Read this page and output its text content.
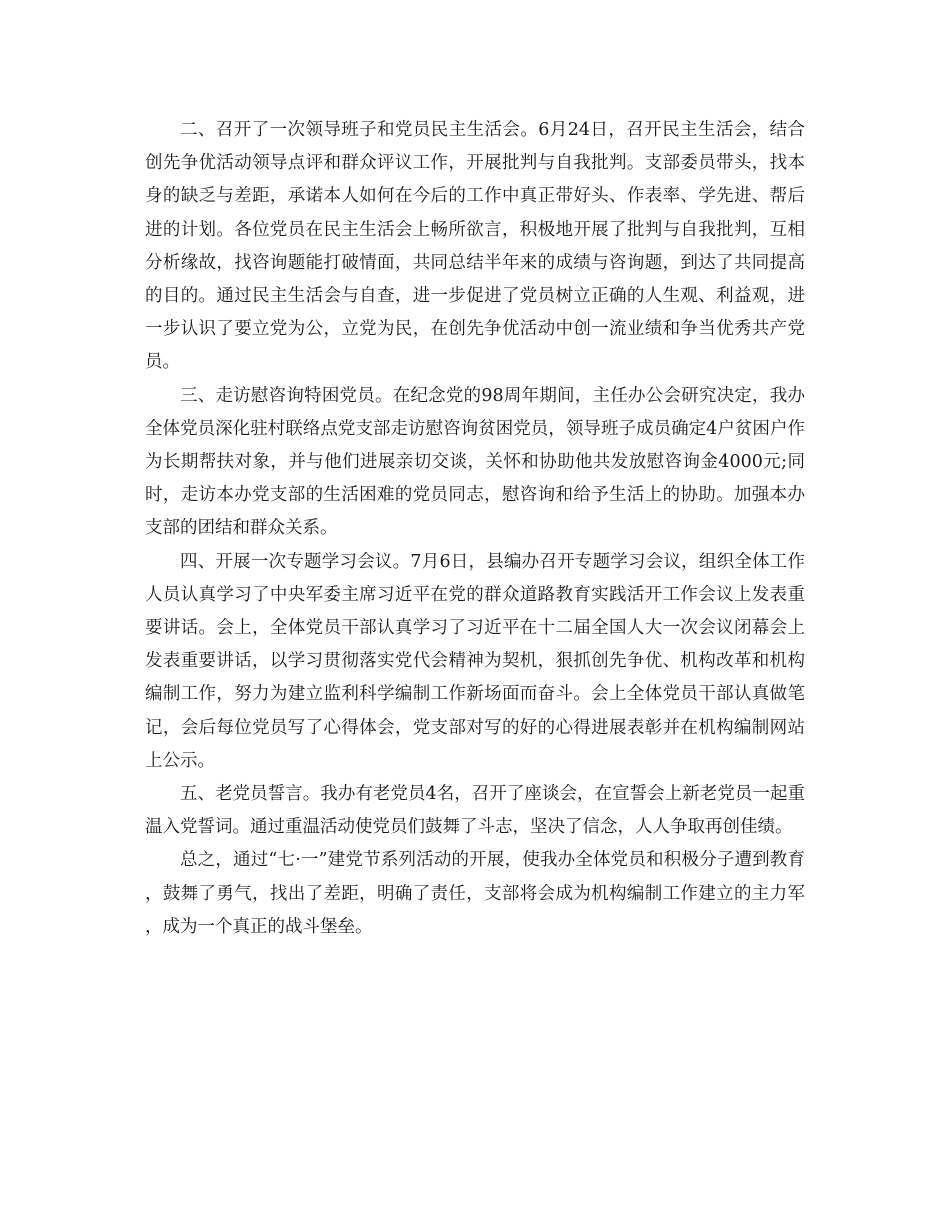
二、召开了一次领导班子和党员民主生活会。6月24日，召开民主生活会，结合创先争优活动领导点评和群众评议工作，开展批判与自我批判。支部委员带头，找本身的缺乏与差距，承诺本人如何在今后的工作中真正带好头、作表率、学先进、帮后进的计划。各位党员在民主生活会上畅所欲言，积极地开展了批判与自我批判，互相分析缘故，找咨询题能打破情面，共同总结半年来的成绩与咨询题，到达了共同提高的目的。通过民主生活会与自查，进一步促进了党员树立正确的人生观、利益观，进一步认识了要立党为公，立党为民，在创先争优活动中创一流业绩和争当优秀共产党员。

三、走访慰咨询特困党员。在纪念党的98周年期间，主任办公会研究决定，我办全体党员深化驻村联络点党支部走访慰咨询贫困党员，领导班子成员确定4户贫困户作为长期帮扶对象，并与他们进展亲切交谈，关怀和协助他共发放慰咨询金4000元;同时，走访本办党支部的生活困难的党员同志，慰咨询和给予生活上的协助。加强本办支部的团结和群众关系。

四、开展一次专题学习会议。7月6日，县编办召开专题学习会议，组织全体工作人员认真学习了中央军委主席习近平在党的群众道路教育实践活开工作会议上发表重要讲话。会上，全体党员干部认真学习了习近平在十二届全国人大一次会议闭幕会上发表重要讲话，以学习贯彻落实党代会精神为契机，狠抓创先争优、机构改革和机构编制工作，努力为建立监利科学编制工作新场面而奋斗。会上全体党员干部认真做笔记，会后每位党员写了心得体会，党支部对写的好的心得进展表彰并在机构编制网站上公示。

五、老党员誓言。我办有老党员4名，召开了座谈会，在宣誓会上新老党员一起重温入党誓词。通过重温活动使党员们鼓舞了斗志，坚决了信念，人人争取再创佳绩。

总之，通过“七·一”建党节系列活动的开展，使我办全体党员和积极分子遭到教育，鼓舞了勇气，找出了差距，明确了责任，支部将会成为机构编制工作建立的主力军，成为一个真正的战斗堡垒。
